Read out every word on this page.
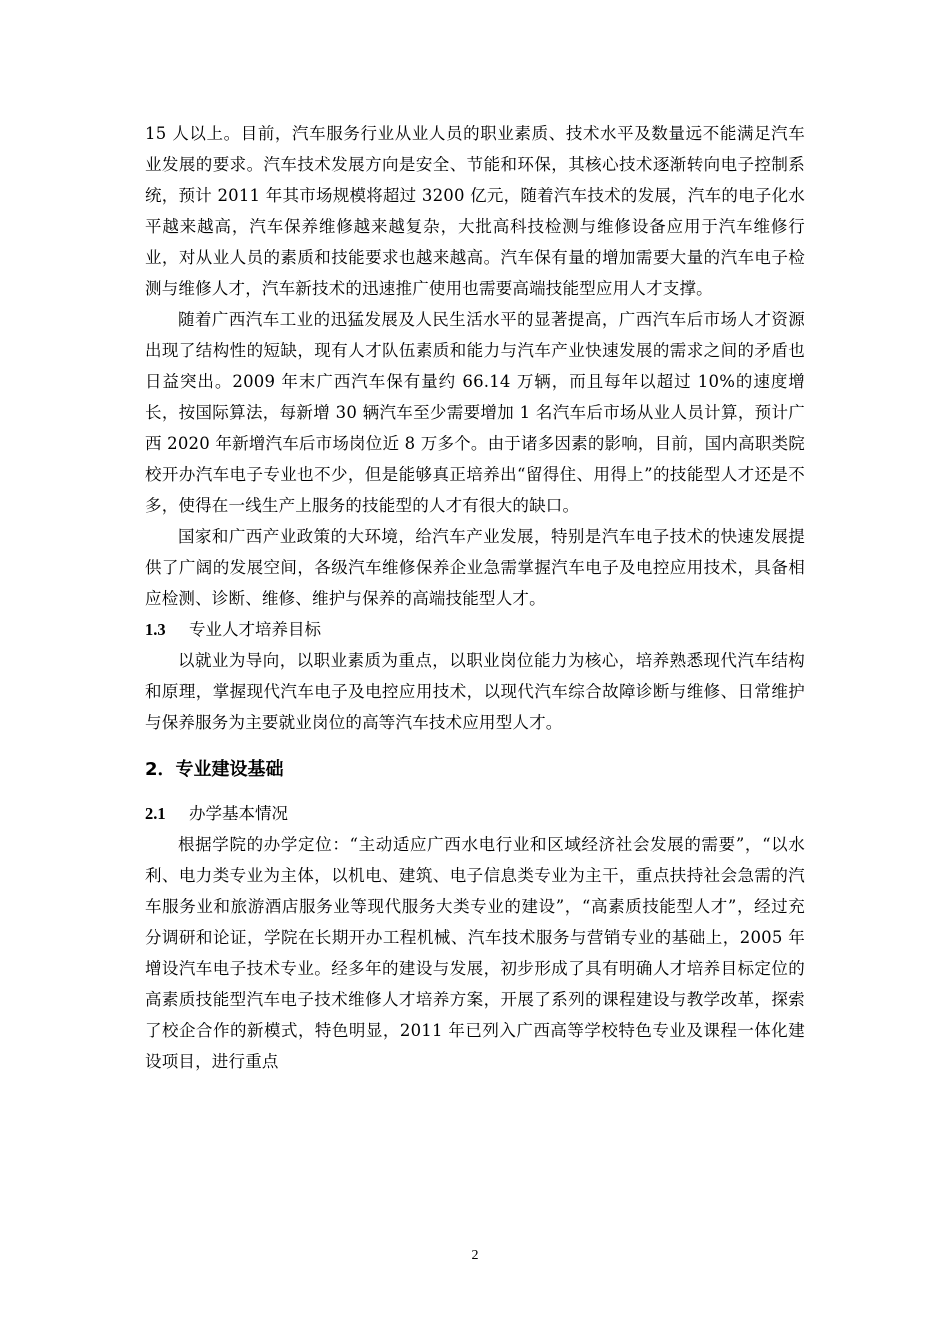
15 人以上。目前，汽车服务行业从业人员的职业素质、技术水平及数量远不能满足汽车业发展的要求。汽车技术发展方向是安全、节能和环保，其核心技术逐渐转向电子控制系统，预计 2011 年其市场规模将超过 3200 亿元，随着汽车技术的发展，汽车的电子化水平越来越高，汽车保养维修越来越复杂，大批高科技检测与维修设备应用于汽车维修行业，对从业人员的素质和技能要求也越来越高。汽车保有量的增加需要大量的汽车电子检测与维修人才，汽车新技术的迅速推广使用也需要高端技能型应用人才支撑。

随着广西汽车工业的迅猛发展及人民生活水平的显著提高，广西汽车后市场人才资源出现了结构性的短缺，现有人才队伍素质和能力与汽车产业快速发展的需求之间的矛盾也日益突出。2009 年末广西汽车保有量约 66.14 万辆，而且每年以超过 10%的速度增长，按国际算法，每新增 30 辆汽车至少需要增加 1 名汽车后市场从业人员计算，预计广西 2020 年新增汽车后市场岗位近 8 万多个。由于诸多因素的影响，目前，国内高职类院校开办汽车电子专业也不少，但是能够真正培养出“留得住、用得上”的技能型人才还是不多，使得在一线生产上服务的技能型的人才有很大的缺口。

国家和广西产业政策的大环境，给汽车产业发展，特别是汽车电子技术的快速发展提供了广阔的发展空间，各级汽车维修保养企业急需掌握汽车电子及电控应用技术，具备相应检测、诊断、维修、维护与保养的高端技能型人才。

1.3 专业人才培养目标

以就业为导向，以职业素质为重点，以职业岗位能力为核心，培养熟悉现代汽车结构和原理，掌握现代汽车电子及电控应用技术，以现代汽车综合故障诊断与维修、日常维护与保养服务为主要就业岗位的高等汽车技术应用型人才。

2．专业建设基础
2.1 办学基本情况

根据学院的办学定位：“主动适应广西水电行业和区域经济社会发展的需要”，“以水利、电力类专业为主体，以机电、建筑、电子信息类专业为主干，重点扶持社会急需的汽车服务业和旅游酒店服务业等现代服务大类专业的建设”，“高素质技能型人才”，经过充分调研和论证，学院在长期开办工程机械、汽车技术服务与营销专业的基础上，2005 年增设汽车电子技术专业。经多年的建设与发展，初步形成了具有明确人才培养目标定位的高素质技能型汽车电子技术维修人才培养方案，开展了系列的课程建设与教学改革，探索了校企合作的新模式，特色明显，2011 年已列入广西高等学校特色专业及课程一体化建设项目，进行重点

2
